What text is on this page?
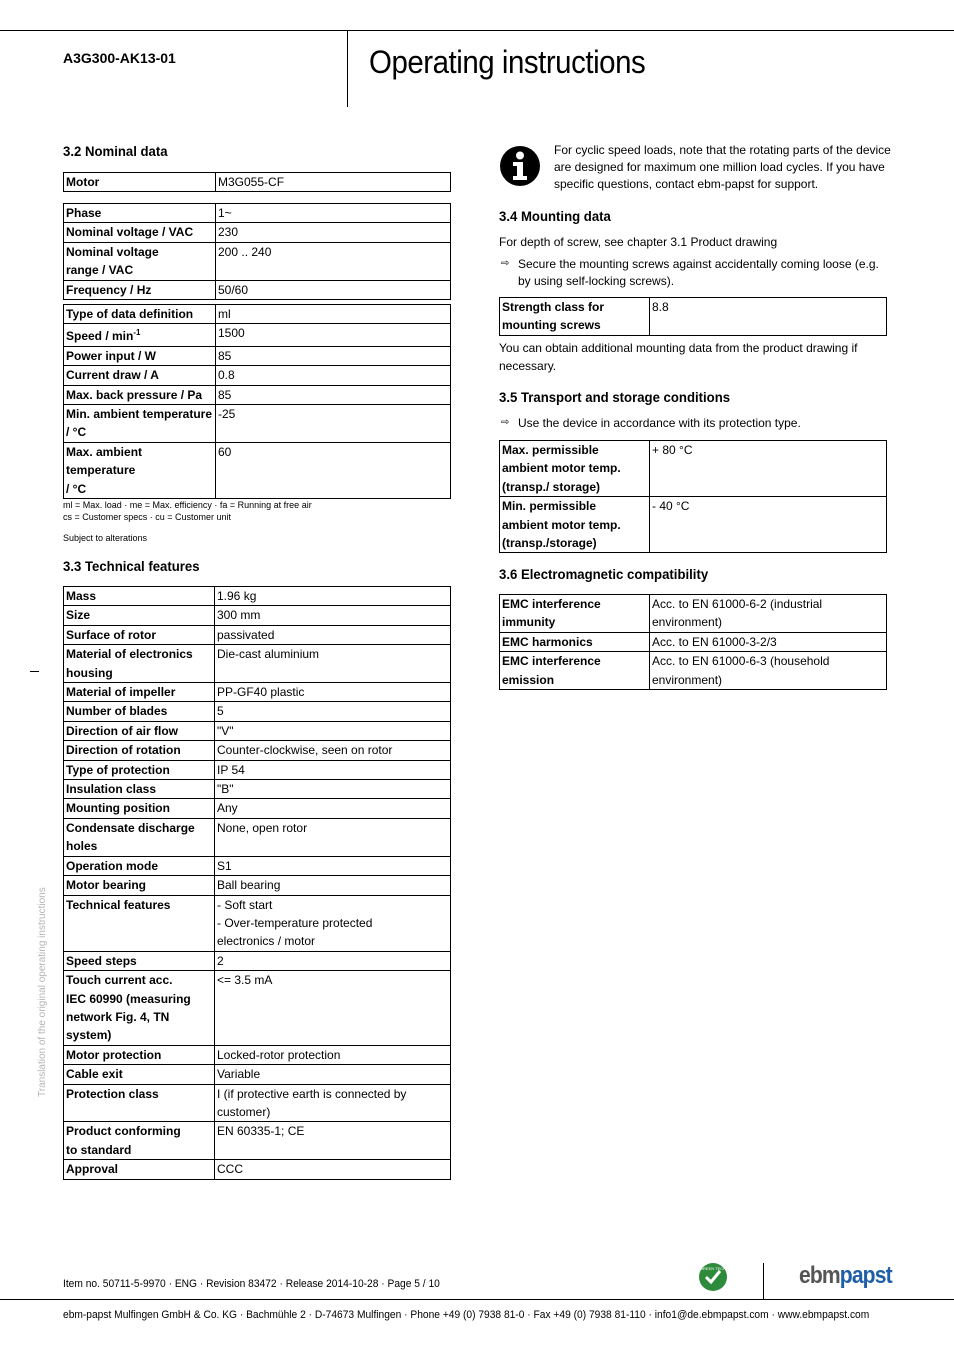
A3G300-AK13-01	Operating instructions
3.2 Nominal data
Motor	M3G055-CF
Phase	1~
Nominal voltage / VAC	230
Nominal voltage
range / VAC	200 .. 240
Frequency / Hz	50/60
Type of data definition	ml
Speed / $\min^{-1}$	1500
Power input / W	85
Current draw / A	0.8
Max. back pressure / Pa	85
Min. ambient temperature
/ °C	-25
Max. ambient
temperature
/ °C	60
ml = Max. load · me = Max. efficiency · fa = Running at free air
cs = Customer specs · cu = Customer unit
Subject to alterations
3.3 Technical features
Mass	1.96 kg
Size	300 mm
Surface of rotor	passivated
Material of electronics
housing	Die-cast aluminium
Material of impeller	PP-GF40 plastic
Number of blades	5
Direction of air flow	"V"
Direction of rotation	Counter-clockwise, seen on rotor
Type of protection	IP 54
Insulation class	"B"
Mounting position	Any
Condensate discharge
holes	None, open rotor
Operation mode	S1
Motor bearing	Ball bearing
Technical features	- Soft start
- Over-temperature protected
electronics / motor
Speed steps	2
Touch current acc.
IEC 60990 (measuring
network Fig. 4, TN
system)	<= 3.5 mA
Motor protection	Locked-rotor protection
Cable exit	Variable
Protection class	I (if protective earth is connected by
customer)
Product conforming
to standard	EN 60335-1; CE
Approval	CCC
For cyclic speed loads, note that the rotating parts of the device
are designed for maximum one million load cycles. If you have
specific questions, contact ebm-papst for support.
3.4 Mounting data
For depth of screw, see chapter 3.1 Product drawing
⇨ Secure the mounting screws against accidentally coming loose (e.g.
by using self-locking screws).
Strength class for
mounting screws	8.8
You can obtain additional mounting data from the product drawing if
necessary.
3.5 Transport and storage conditions
⇨ Use the device in accordance with its protection type.
Max. permissible
ambient motor temp.
(transp./ storage)	+ 80 °C
Min. permissible
ambient motor temp.
(transp./storage)	- 40 °C
3.6 Electromagnetic compatibility
EMC interference
immunity	Acc. to EN 61000-6-2 (industrial
environment)
EMC harmonics	Acc. to EN 61000-3-2/3
EMC interference
emission	Acc. to EN 61000-6-3 (household
environment)
Translation of the original operating instructions
Item no. 50711-5-9970 · ENG · Revision 83472 · Release 2014-10-28 · Page 5 / 10
GREEN TECH	ebmpapst
ebm-papst Mulfingen GmbH & Co. KG · Bachmühle 2 · D-74673 Mulfingen · Phone +49 (0) 7938 81-0 · Fax +49 (0) 7938 81-110 · info1@de.ebmpapst.com · www.ebmpapst.com
